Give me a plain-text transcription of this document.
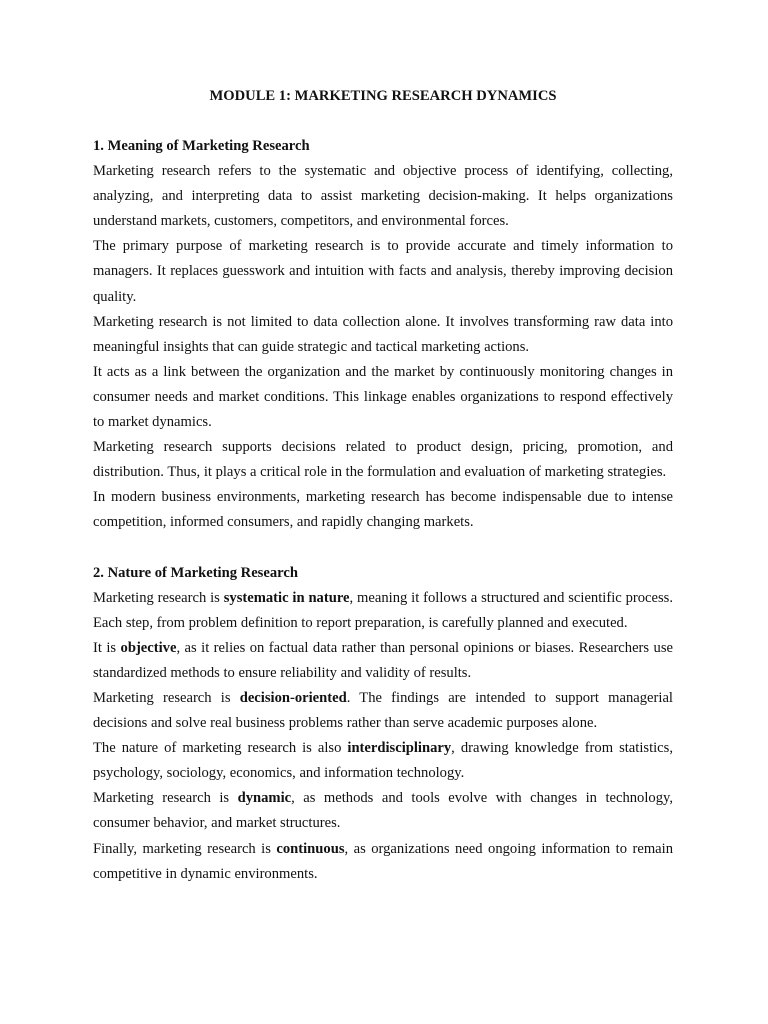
MODULE 1: MARKETING RESEARCH DYNAMICS

1. Meaning of Marketing Research

Marketing research refers to the systematic and objective process of identifying, collecting, analyzing, and interpreting data to assist marketing decision-making. It helps organizations understand markets, customers, competitors, and environmental forces.

The primary purpose of marketing research is to provide accurate and timely information to managers. It replaces guesswork and intuition with facts and analysis, thereby improving decision quality.

Marketing research is not limited to data collection alone. It involves transforming raw data into meaningful insights that can guide strategic and tactical marketing actions.

It acts as a link between the organization and the market by continuously monitoring changes in consumer needs and market conditions. This linkage enables organizations to respond effectively to market dynamics.

Marketing research supports decisions related to product design, pricing, promotion, and distribution. Thus, it plays a critical role in the formulation and evaluation of marketing strategies.

In modern business environments, marketing research has become indispensable due to intense competition, informed consumers, and rapidly changing markets.

2. Nature of Marketing Research

Marketing research is systematic in nature, meaning it follows a structured and scientific process. Each step, from problem definition to report preparation, is carefully planned and executed.

It is objective, as it relies on factual data rather than personal opinions or biases. Researchers use standardized methods to ensure reliability and validity of results.

Marketing research is decision-oriented. The findings are intended to support managerial decisions and solve real business problems rather than serve academic purposes alone.

The nature of marketing research is also interdisciplinary, drawing knowledge from statistics, psychology, sociology, economics, and information technology.

Marketing research is dynamic, as methods and tools evolve with changes in technology, consumer behavior, and market structures.

Finally, marketing research is continuous, as organizations need ongoing information to remain competitive in dynamic environments.
